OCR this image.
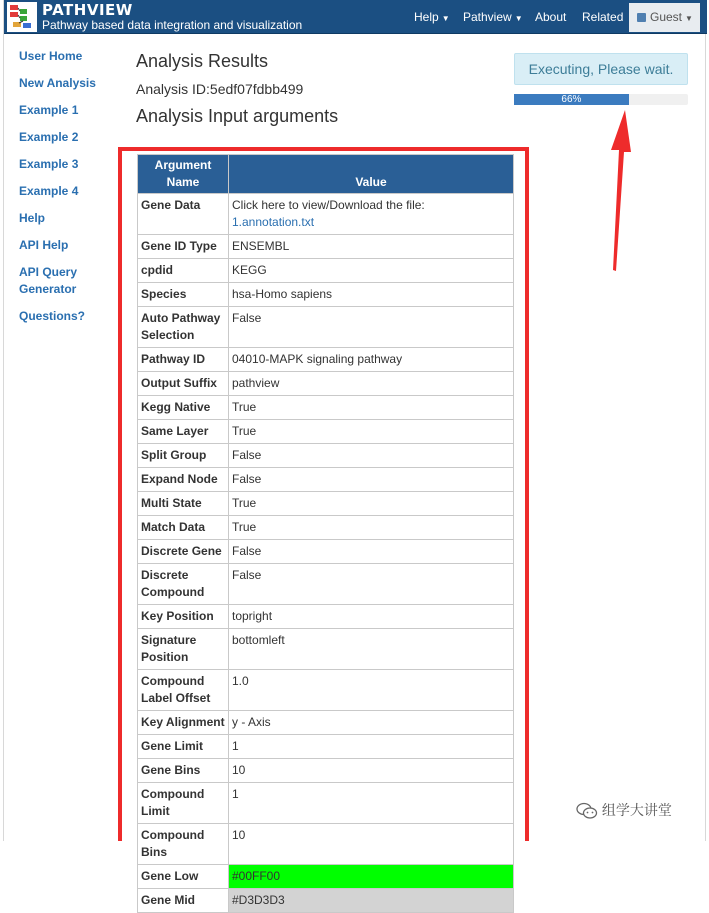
PATHVIEW
Pathway based data integration and visualization
Help ▼ Pathview ▼ About Related	Guest ▼
User Home
New Analysis
Example 1
Example 2
Example 3
Example 4
Help
API Help
API Query Generator
Questions?
Analysis Results
Analysis ID:5edf07fdbb499
Analysis Input arguments
Executing, Please wait.
66%
Argument Name	Value
Gene Data	Click here to view/Download the file: 1.annotation.txt
Gene ID Type	ENSEMBL
cpdid	KEGG
Species	hsa-Homo sapiens
Auto Pathway Selection	False
Pathway ID	04010-MAPK signaling pathway
Output Suffix	pathview
Kegg Native	True
Same Layer	True
Split Group	False
Expand Node	False
Multi State	True
Match Data	True
Discrete Gene	False
Discrete Compound	False
Key Position	topright
Signature Position	bottomleft
Compound Label Offset	1.0
Key Alignment	y - Axis
Gene Limit	1
Gene Bins	10
Compound Limit	1
Compound Bins	10
Gene Low	#00FF00
Gene Mid	#D3D3D3
组学大讲堂
